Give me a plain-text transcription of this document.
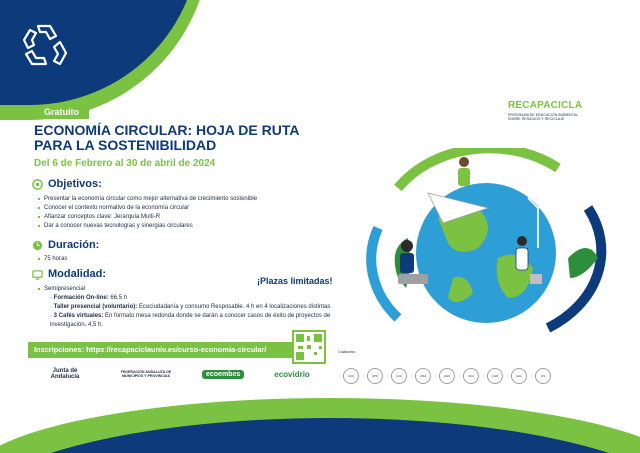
Gratuito
ECONOMÍA CIRCULAR: HOJA DE RUTA
PARA LA SOSTENIBILIDAD
Del 6 de Febrero al 30 de abril de 2024
Objetivos:
Presentar la economía circular como mejor alternativa de crecimiento sostenible
Conocer el contexto normativo de la economía circular
Afianzar conceptos clave: Jerarquía Multi-R
Dar a conocer nuevas tecnologías y sinergias circulares
Duración:
75 horas
Modalidad:
Semipresencial
· Formación On-line: 66,5 h
· Taller presencial (voluntario): Ecociudadanía y consumo Resposable. 4 h en 4 localizaciones distintas
· 3 Cafés virtuales: En formato mesa redonda donde se darán a conocer casos de éxito de proyectos de investigación. 4,5 h.
¡Plazas limitadas!
Inscripciones: https://recapaciclauniv.es/curso-economia-circular/
RECAPACICLA
PROGRAMA DE EDUCACIÓN AMBIENTAL SOBRE RESIDUOS Y RECICLAJE
Junta de Andalucía
FEDERACIÓN ANDALUZA DE MUNICIPIOS Y PROVINCIAS	ecoembes	ecovidrio
Colaboran:
UCO	UPO	UJA	UMA	UHU	UCA	UGR	UAL	US
